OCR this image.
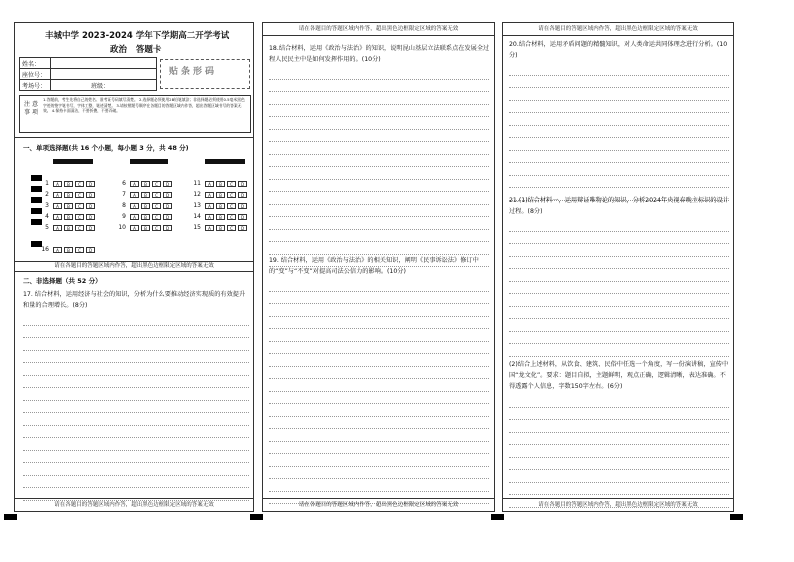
丰城中学 2023-2024 学年下学期高二开学考试
政治   答题卡
姓名：	
座位号：	
考场号：	班级：
贴条形码
注 意 事 项
1.答题前，考生先将自己的姓名、准考证号码填写清楚。 2.选择题必须使用2B铅笔填涂；非选择题必须使用0.5毫米黑色字迹的签字笔书写，字体工整，笔迹清楚。 3.请按照题号顺序在各题目的答题区域内作答，超出答题区域书写的答案无效。 4.保持卡面清洁，不要折叠，不要弄破。
一、单项选择题(共 16 个小题，每小题 3 分，共 48 分)
1 A B C D
2 A B C D
3 A B C D
4 A B C D
5 A B C D
6 A B C D
7 A B C D
8 A B C D
9 A B C D
10 A B C D
11 A B C D
12 A B C D
13 A B C D
14 A B C D
15 A B C D
16 A B C D
请在各题目的答题区域内作答，超出黑色边框限定区域的答案无效
二、非选择题（共 52 分）
17. 结合材料，运用经济与社会的知识，分析为什么要推动经济实现质的有效提升和量的合理增长。(8分)
请在各题目的答题区域内作答，超出黑色边框限定区域的答案无效
请在各题目的答题区域内作答，超出黑色边框限定区域的答案无效
18.结合材料，运用《政治与法治》的知识，说明昆山基层立法联系点在发展全过程人民民主中是如何发挥作用的。(10分)
19. 结合材料，运用《政治与法治》的相关知识，阐明《民事诉讼法》修订中的“变”与“不变”对提高司法公信力的影响。(10分)
请在各题目的答题区域内作答，超出黑色边框限定区域的答案无效
请在各题目的答题区域内作答，超出黑色边框限定区域的答案无效
20.结合材料，运用矛盾问题的精髓知识，对人类命运共同体理念进行分析。(10分)
21.(1)结合材料一，运用辩证唯物论的知识，分析2024年央视春晚主标识的设计过程。(8分)
(2)结合上述材料，从饮食、建筑、民俗中任选一个角度，写一份演讲稿，宣传中国“龙文化”。要求：题目自拟，主题鲜明，观点正确，逻辑清晰，表达准确。不得透露个人信息，字数150字左右。(6分)
请在各题目的答题区域内作答，超出黑色边框限定区域的答案无效
